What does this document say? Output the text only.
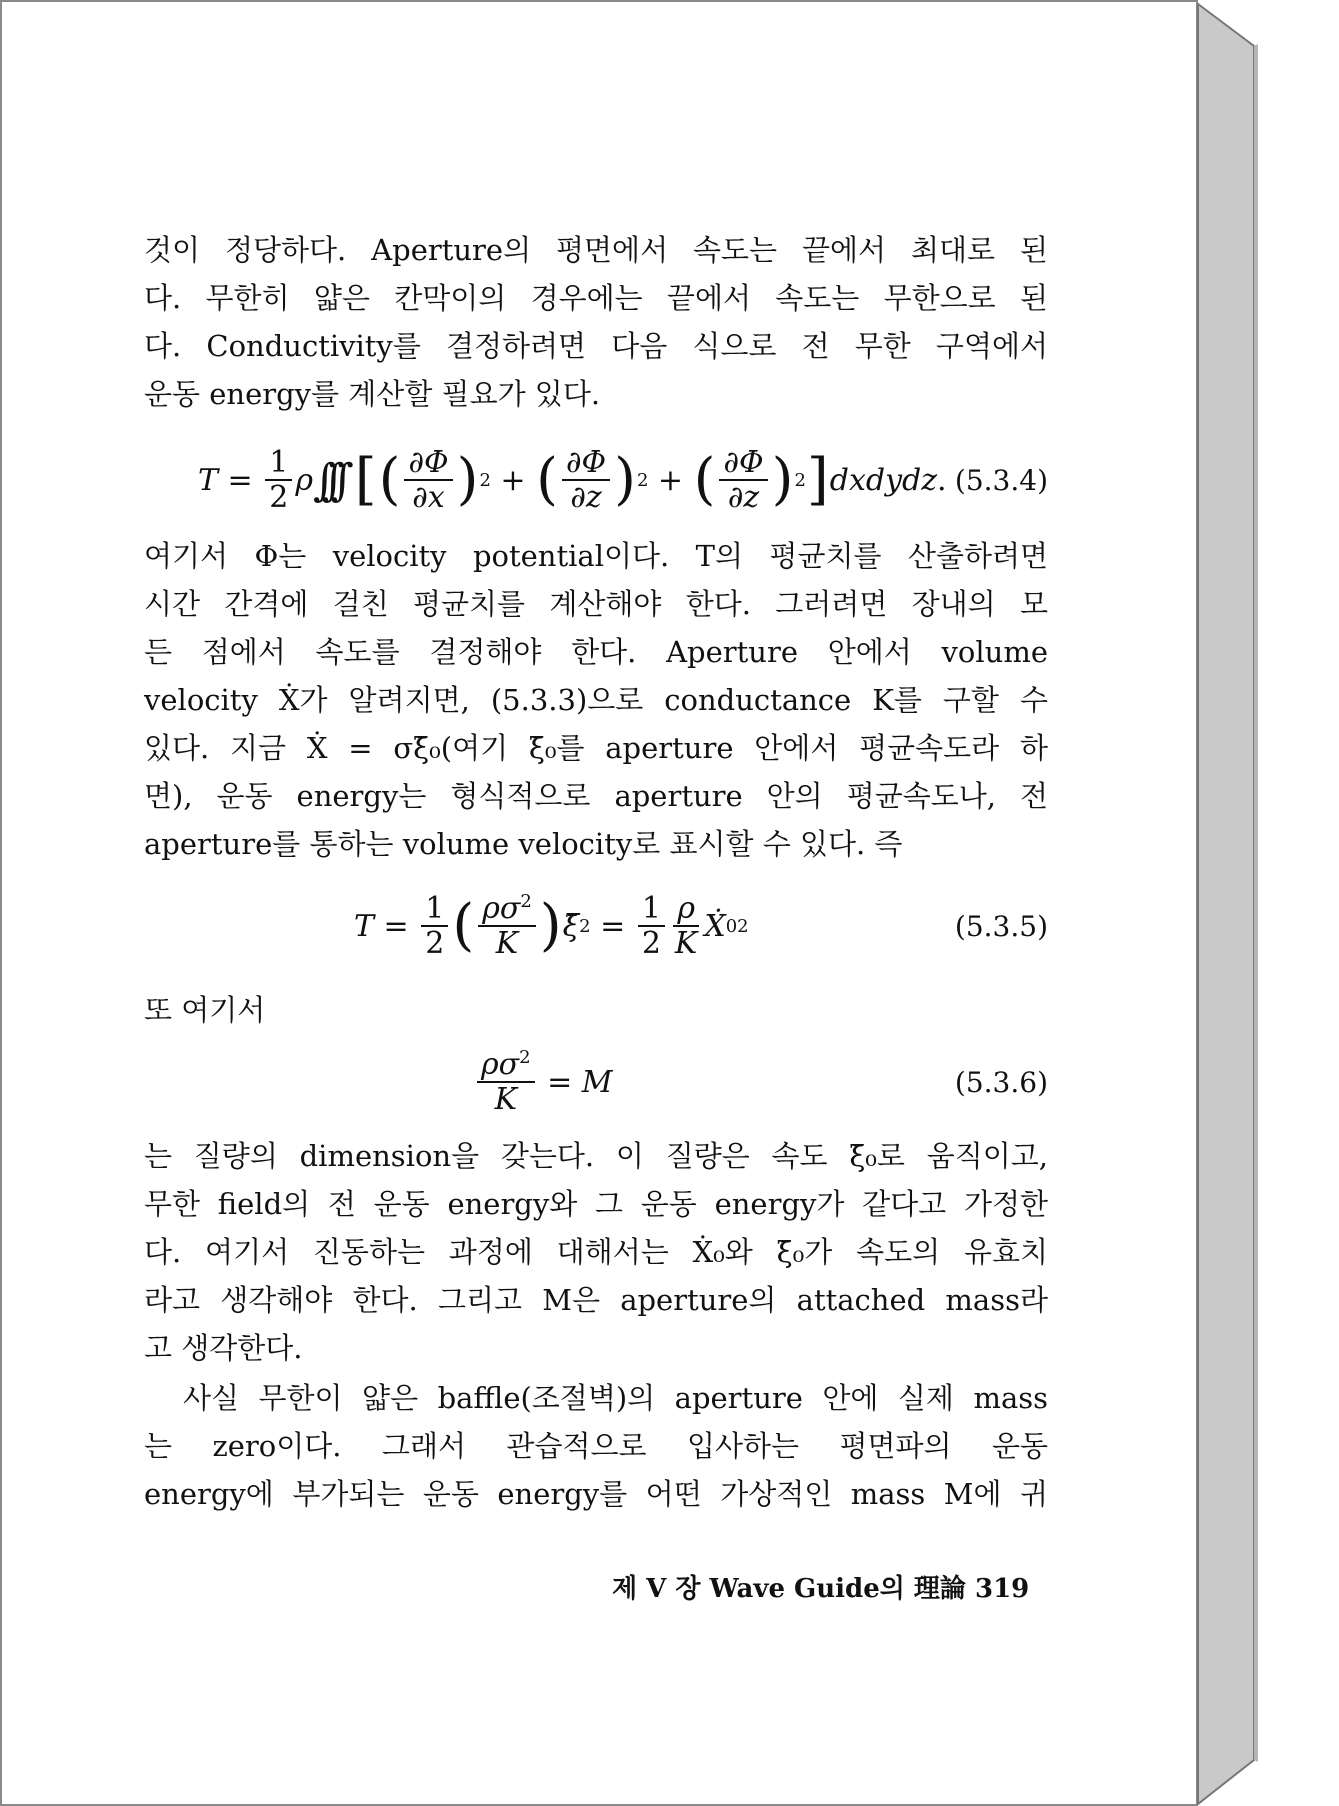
것이 정당하다. Aperture의 평면에서 속도는 끝에서 최대로 된
다. 무한히 얇은 칸막이의 경우에는 끝에서 속도는 무한으로 된
다. Conductivity를 결정하려면 다음 식으로 전 무한 구역에서
운동 energy를 계산할 필요가 있다.
$T = \frac{1}{2}$ ρ ∫∫∫ [ ( $\frac{\partial\Phi}{\partial x}$ ) 2 + ( $\frac{\partial\Phi}{\partial z}$ ) 2 + ( $\frac{\partial\Phi}{\partial z}$ ) 2 ] dxdydz . (5.3.4)
여기서 Φ는 velocity potential이다. T의 평균치를 산출하려면
시간 간격에 걸친 평균치를 계산해야 한다. 그러려면 장내의 모
든 점에서 속도를 결정해야 한다. Aperture 안에서 volume
velocity Ẋ가 알려지면, (5.3.3)으로 conductance K를 구할 수
있다. 지금 Ẋ = σξ̄₀(여기 ξ̄₀를 aperture 안에서 평균속도라 하
면), 운동 energy는 형식적으로 aperture 안의 평균속도나, 전
aperture를 통하는 volume velocity로 표시할 수 있다. 즉
$T = \frac{1}{2}$ ( $\frac{\rho\sigma^2}{K}$ ) ξ̄ $2 = \frac{1}{2} \frac{\rho}{K}$ Ẋ 0 2	(5.3.5)
또 여기서
$\frac{\rho\sigma^2}{K} = M$	(5.3.6)
는 질량의 dimension을 갖는다. 이 질량은 속도 ξ̄₀로 움직이고,
무한 field의 전 운동 energy와 그 운동 energy가 같다고 가정한
다. 여기서 진동하는 과정에 대해서는 Ẋ₀와 ξ̄₀가 속도의 유효치
라고 생각해야 한다. 그리고 M은 aperture의 attached mass라
고 생각한다.
사실 무한이 얇은 baffle(조절벽)의 aperture 안에 실제 mass
는 zero이다. 그래서 관습적으로 입사하는 평면파의 운동
energy에 부가되는 운동 energy를 어떤 가상적인 mass M에 귀
제 V 장 Wave Guide의 理論 319
